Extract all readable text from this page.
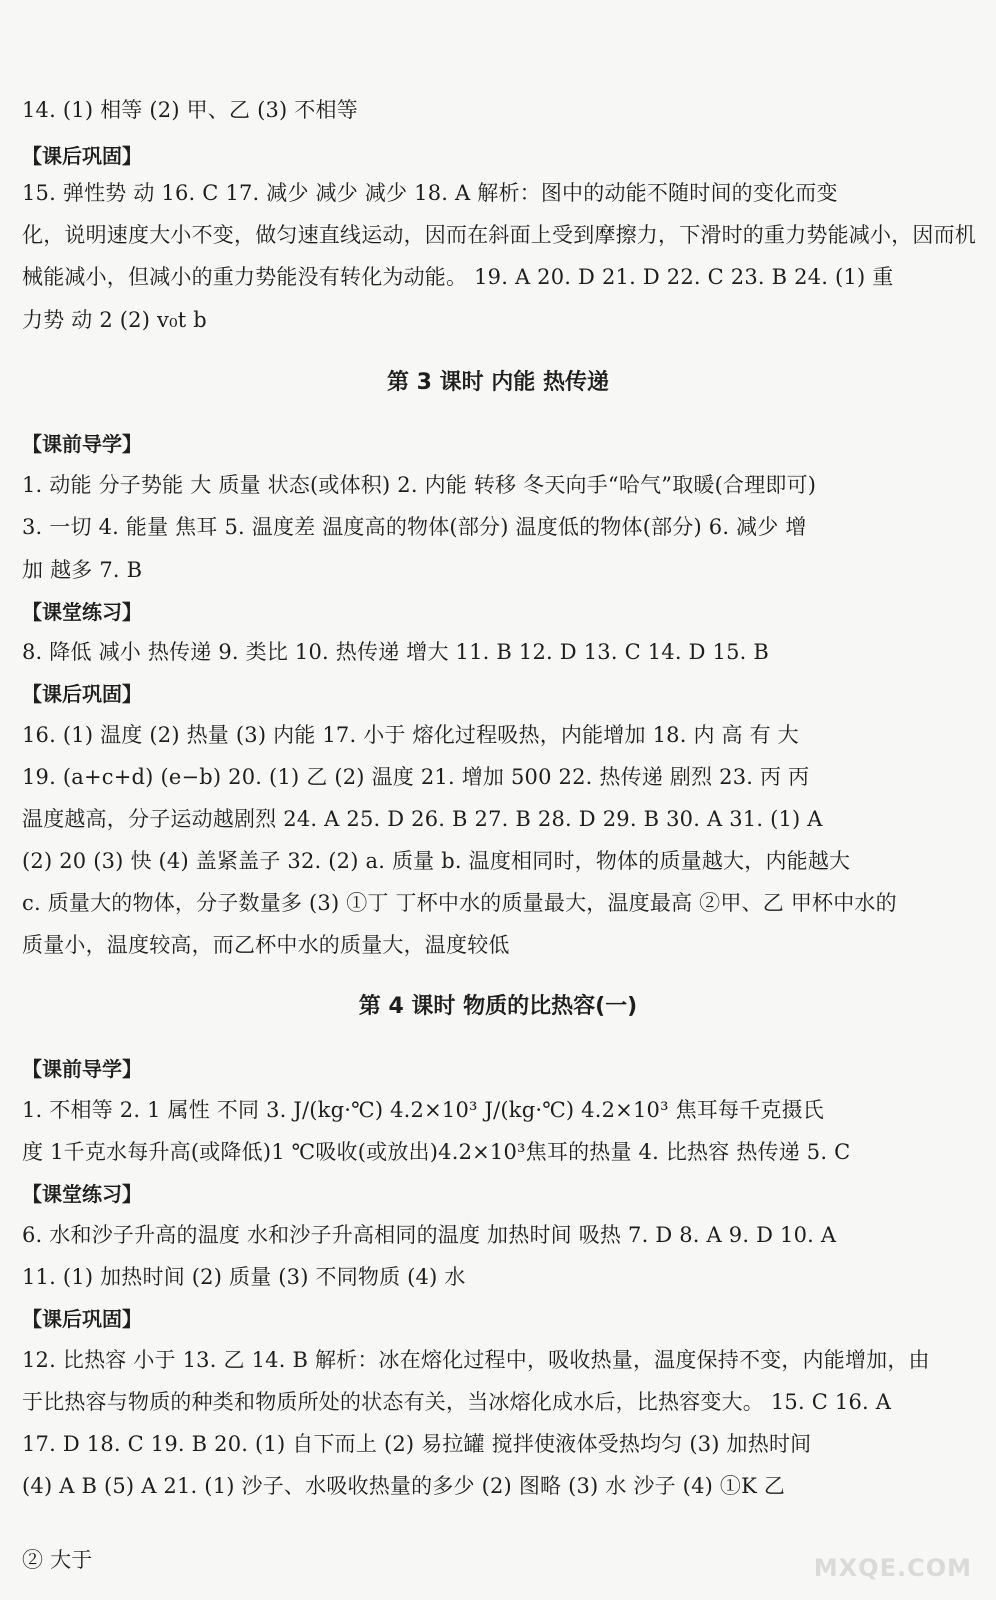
14. (1) 相等 (2) 甲、乙 (3) 不相等
【课后巩固】
15. 弹性势 动 16. C 17. 减少 减少 减少 18. A 解析：图中的动能不随时间的变化而变
化，说明速度大小不变，做匀速直线运动，因而在斜面上受到摩擦力，下滑时的重力势能减小，因而机
械能减小，但减小的重力势能没有转化为动能。 19. A 20. D 21. D 22. C 23. B 24. (1) 重
力势 动 2 (2) v₀t b
第 3 课时 内能 热传递
【课前导学】
1. 动能 分子势能 大 质量 状态(或体积) 2. 内能 转移 冬天向手“哈气”取暖(合理即可)
3. 一切 4. 能量 焦耳 5. 温度差 温度高的物体(部分) 温度低的物体(部分) 6. 减少 增
加 越多 7. B
【课堂练习】
8. 降低 减小 热传递 9. 类比 10. 热传递 增大 11. B 12. D 13. C 14. D 15. B
【课后巩固】
16. (1) 温度 (2) 热量 (3) 内能 17. 小于 熔化过程吸热，内能增加 18. 内 高 有 大
19. (a+c+d) (e−b) 20. (1) 乙 (2) 温度 21. 增加 500 22. 热传递 剧烈 23. 丙 丙
温度越高，分子运动越剧烈 24. A 25. D 26. B 27. B 28. D 29. B 30. A 31. (1) A
(2) 20 (3) 快 (4) 盖紧盖子 32. (2) a. 质量 b. 温度相同时，物体的质量越大，内能越大
c. 质量大的物体，分子数量多 (3) ①丁 丁杯中水的质量最大，温度最高 ②甲、乙 甲杯中水的
质量小，温度较高，而乙杯中水的质量大，温度较低
第 4 课时 物质的比热容(一)
【课前导学】
1. 不相等 2. 1 属性 不同 3. J/(kg·℃) 4.2×10³ J/(kg·℃) 4.2×10³ 焦耳每千克摄氏
度 1千克水每升高(或降低)1 ℃吸收(或放出)4.2×10³焦耳的热量 4. 比热容 热传递 5. C
【课堂练习】
6. 水和沙子升高的温度 水和沙子升高相同的温度 加热时间 吸热 7. D 8. A 9. D 10. A
11. (1) 加热时间 (2) 质量 (3) 不同物质 (4) 水
【课后巩固】
12. 比热容 小于 13. 乙 14. B 解析：冰在熔化过程中，吸收热量，温度保持不变，内能增加，由
于比热容与物质的种类和物质所处的状态有关，当冰熔化成水后，比热容变大。 15. C 16. A
17. D 18. C 19. B 20. (1) 自下而上 (2) 易拉罐 搅拌使液体受热均匀 (3) 加热时间
(4) A B (5) A 21. (1) 沙子、水吸收热量的多少 (2) 图略 (3) 水 沙子 (4) ①K 乙
② 大于	MXQE.COM
